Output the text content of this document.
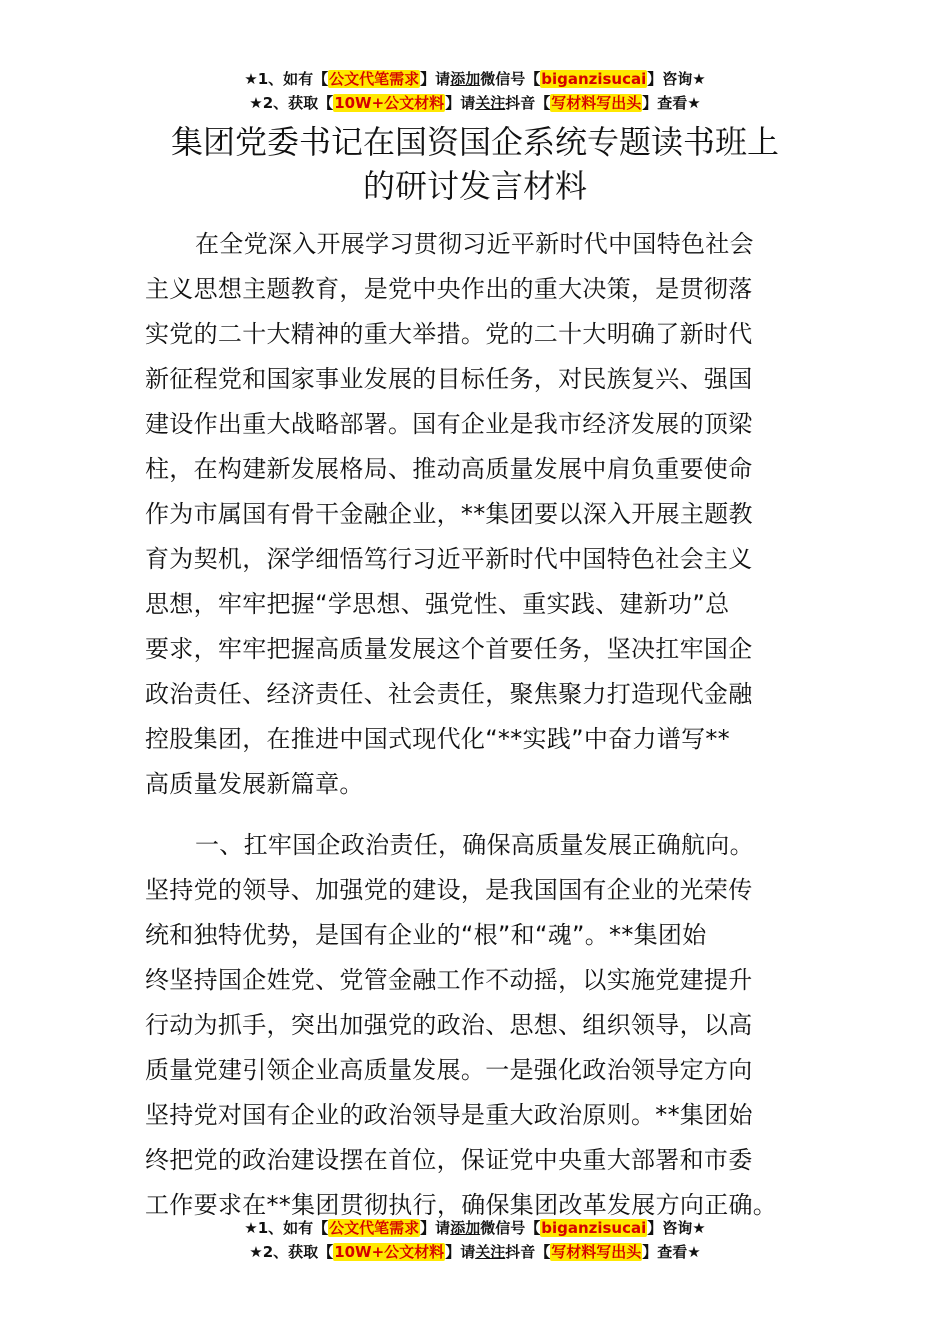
★1、如有【公文代笔需求】请添加微信号【biganzisucai】咨询★
★2、获取【10W+公文材料】请关注抖音【写材料写出头】查看★
集团党委书记在国资国企系统专题读书班上
的研讨发言材料
在全党深入开展学习贯彻习近平新时代中国特色社会
主义思想主题教育，是党中央作出的重大决策，是贯彻落
实党的二十大精神的重大举措。党的二十大明确了新时代
新征程党和国家事业发展的目标任务，对民族复兴、强国
建设作出重大战略部署。国有企业是我市经济发展的顶梁
柱，在构建新发展格局、推动高质量发展中肩负重要使命
作为市属国有骨干金融企业，**集团要以深入开展主题教
育为契机，深学细悟笃行习近平新时代中国特色社会主义
思想，牢牢把握“学思想、强党性、重实践、建新功”总
要求，牢牢把握高质量发展这个首要任务，坚决扛牢国企
政治责任、经济责任、社会责任，聚焦聚力打造现代金融
控股集团，在推进中国式现代化“**实践”中奋力谱写**
高质量发展新篇章。
一、扛牢国企政治责任，确保高质量发展正确航向。
坚持党的领导、加强党的建设，是我国国有企业的光荣传
统和独特优势，是国有企业的“根”和“魂”。**集团始
终坚持国企姓党、党管金融工作不动摇，以实施党建提升
行动为抓手，突出加强党的政治、思想、组织领导，以高
质量党建引领企业高质量发展。一是强化政治领导定方向
坚持党对国有企业的政治领导是重大政治原则。**集团始
终把党的政治建设摆在首位，保证党中央重大部署和市委
工作要求在**集团贯彻执行，确保集团改革发展方向正确。
★1、如有【公文代笔需求】请添加微信号【biganzisucai】咨询★
★2、获取【10W+公文材料】请关注抖音【写材料写出头】查看★
